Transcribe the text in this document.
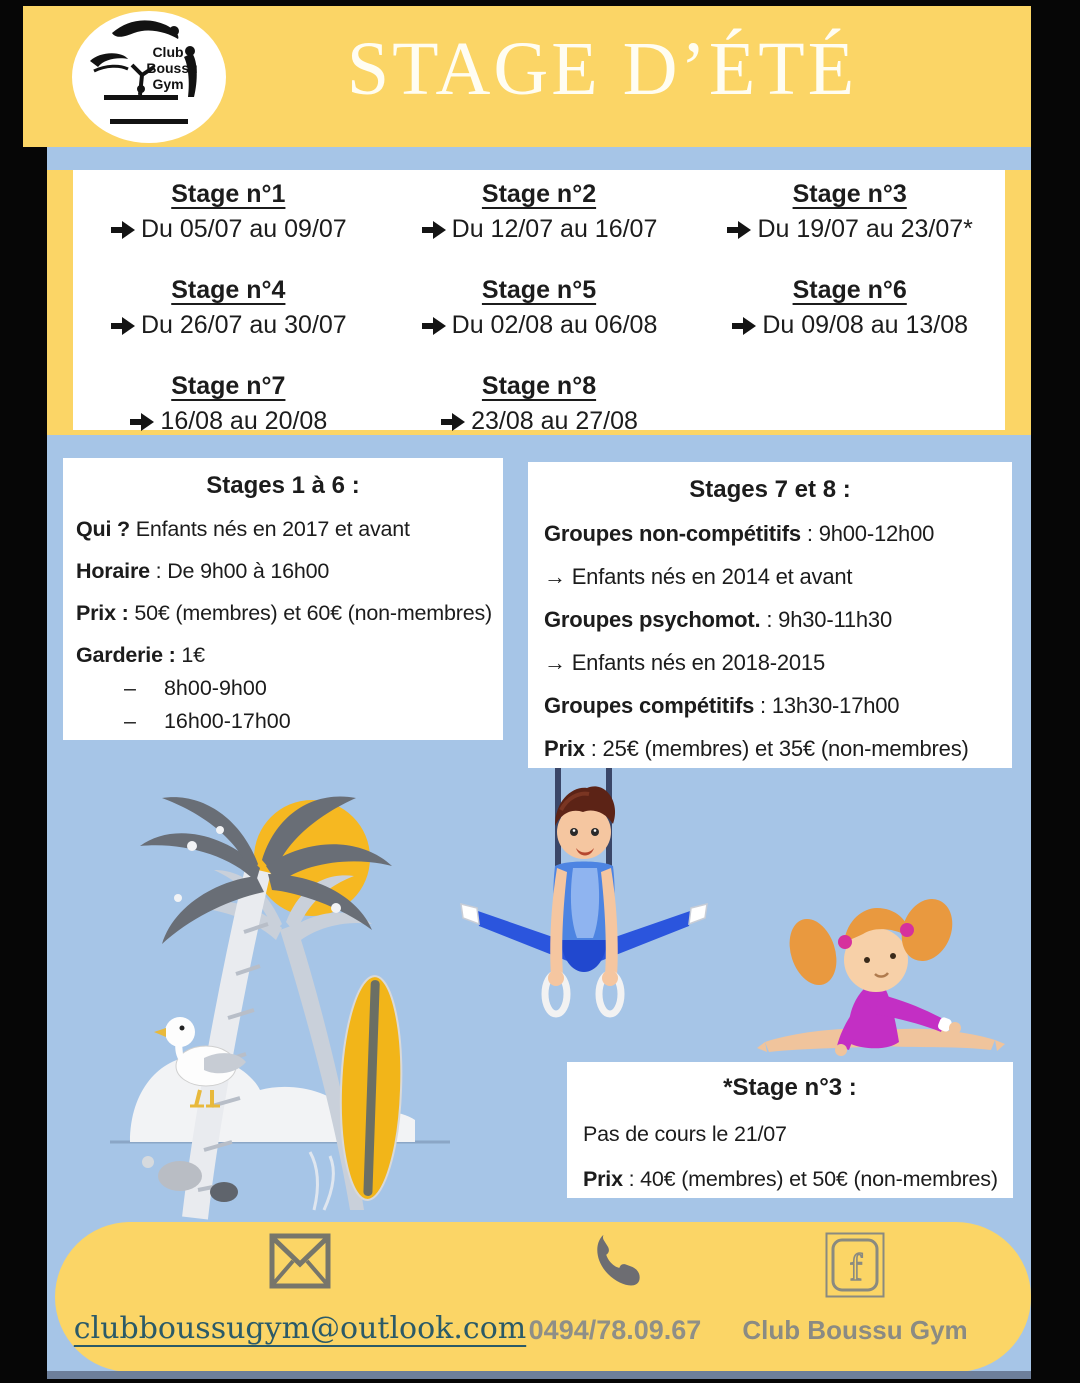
Club
Boussu
Gym	STAGE D’ÉTÉ
Stage n°1
Du 05/07 au 09/07
Stage n°2
Du 12/07 au 16/07
Stage n°3
Du 19/07 au 23/07*
Stage n°4
Du 26/07 au 30/07
Stage n°5
Du 02/08 au 06/08
Stage n°6
Du 09/08 au 13/08
Stage n°7
16/08 au 20/08
Stage n°8
23/08 au 27/08

Stages 1 à 6 :

Qui ? Enfants nés en 2017 et avant

Horaire : De 9h00 à 16h00

Prix : 50€ (membres) et 60€ (non-membres)

Garderie : 1€

– 8h00-9h00

– 16h00-17h00

Stages 7 et 8 :

Groupes non-compétitifs : 9h00-12h00

→ Enfants nés en 2014 et avant

Groupes psychomot. : 9h30-11h30

→ Enfants nés en 2018-2015

Groupes compétitifs : 13h30-17h00

Prix : 25€ (membres) et 35€ (non-membres)

*Stage n°3 :

Pas de cours le 21/07

Prix : 40€ (membres) et 50€ (non-membres)

clubboussugym@outlook.com 0494/78.09.67
f
Club Boussu Gym
